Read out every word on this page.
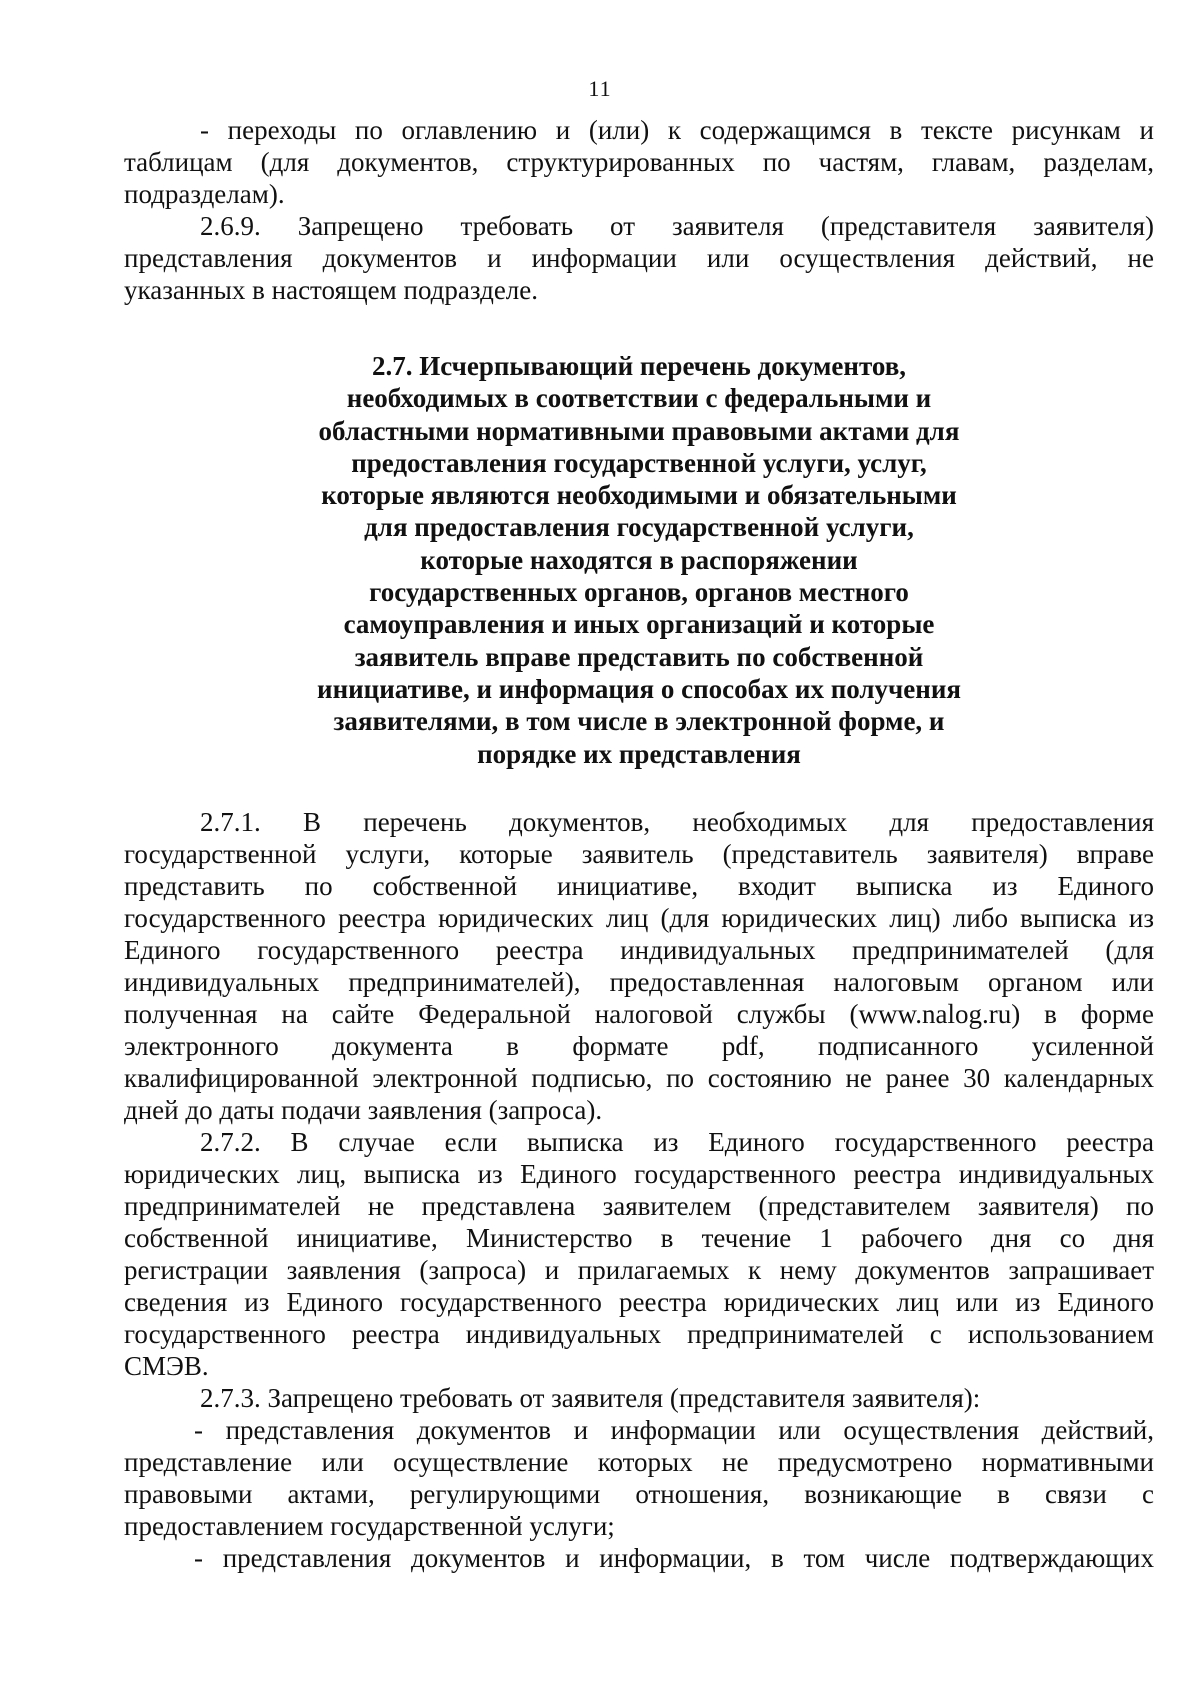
11
- переходы по оглавлению и (или) к содержащимся в тексте рисункам и
таблицам (для документов, структурированных по частям, главам, разделам,
подразделам).
2.6.9. Запрещено требовать от заявителя (представителя заявителя)
представления документов и информации или осуществления действий, не
указанных в настоящем подразделе.
2.7. Исчерпывающий перечень документов,
необходимых в соответствии с федеральными и
областными нормативными правовыми актами для
предоставления государственной услуги, услуг,
которые являются необходимыми и обязательными
для предоставления государственной услуги,
которые находятся в распоряжении
государственных органов, органов местного
самоуправления и иных организаций и которые
заявитель вправе представить по собственной
инициативе, и информация о способах их получения
заявителями, в том числе в электронной форме, и
порядке их представления
2.7.1. В перечень документов, необходимых для предоставления
государственной услуги, которые заявитель (представитель заявителя) вправе
представить по собственной инициативе, входит выписка из Единого
государственного реестра юридических лиц (для юридических лиц) либо выписка из
Единого государственного реестра индивидуальных предпринимателей (для
индивидуальных предпринимателей), предоставленная налоговым органом или
полученная на сайте Федеральной налоговой службы (www.nalog.ru) в форме
электронного документа в формате pdf, подписанного усиленной
квалифицированной электронной подписью, по состоянию не ранее 30 календарных
дней до даты подачи заявления (запроса).
2.7.2. В случае если выписка из Единого государственного реестра
юридических лиц, выписка из Единого государственного реестра индивидуальных
предпринимателей не представлена заявителем (представителем заявителя) по
собственной инициативе, Министерство в течение 1 рабочего дня со дня
регистрации заявления (запроса) и прилагаемых к нему документов запрашивает
сведения из Единого государственного реестра юридических лиц или из Единого
государственного реестра индивидуальных предпринимателей с использованием
СМЭВ.
2.7.3. Запрещено требовать от заявителя (представителя заявителя):
- представления документов и информации или осуществления действий,
представление или осуществление которых не предусмотрено нормативными
правовыми актами, регулирующими отношения, возникающие в связи с
предоставлением государственной услуги;
- представления документов и информации, в том числе подтверждающих
